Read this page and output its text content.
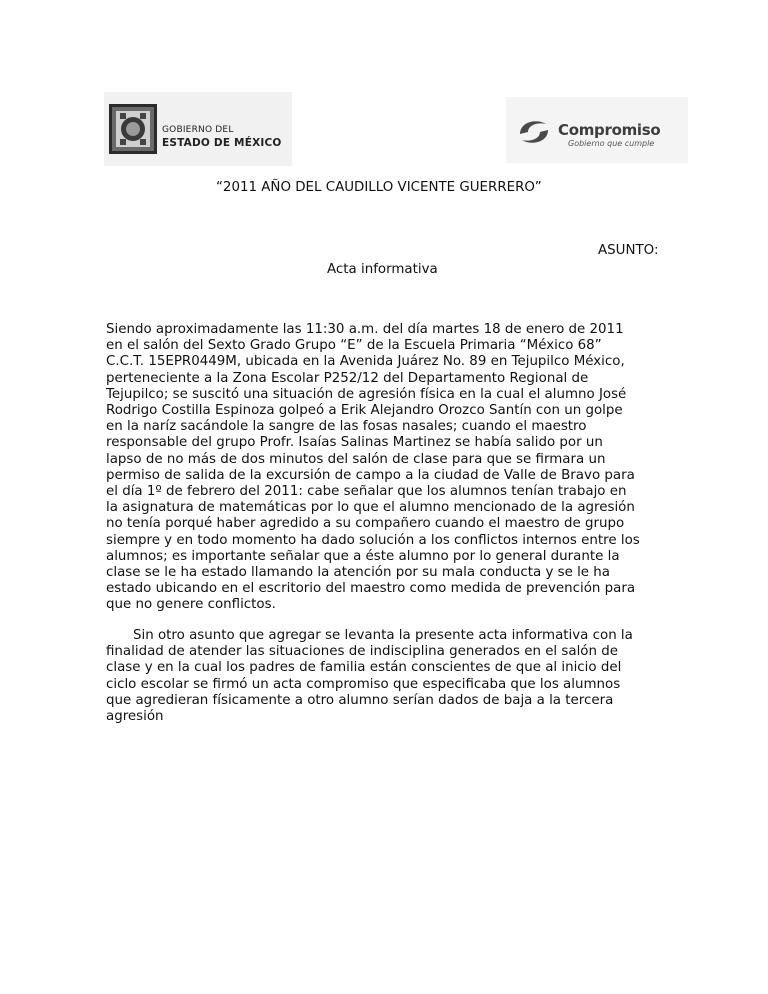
GOBIERNO DEL
ESTADO DE MÉXICO
Compromiso
Gobierno que cumple
“2011 AÑO DEL CAUDILLO VICENTE GUERRERO”
ASUNTO:
Acta informativa
Siendo aproximadamente las 11:30 a.m. del día martes 18 de enero de 2011
en el salón del Sexto Grado Grupo “E” de la Escuela Primaria “México 68”
C.C.T. 15EPR0449M, ubicada en la Avenida Juárez No. 89 en Tejupilco México,
perteneciente a la Zona Escolar P252/12 del Departamento Regional de
Tejupilco; se suscitó una situación de agresión física en la cual el alumno José
Rodrigo Costilla Espinoza golpeó a Erik Alejandro Orozco Santín con un golpe
en la naríz sacándole la sangre de las fosas nasales; cuando el maestro
responsable del grupo Profr. Isaías Salinas Martinez se había salido por un
lapso de no más de dos minutos del salón de clase para que se firmara un
permiso de salida de la excursión de campo a la ciudad de Valle de Bravo para
el día 1º de febrero del 2011: cabe señalar que los alumnos tenían trabajo en
la asignatura de matemáticas por lo que el alumno mencionado de la agresión
no tenía porqué haber agredido a su compañero cuando el maestro de grupo
siempre y en todo momento ha dado solución a los conflictos internos entre los
alumnos; es importante señalar que a éste alumno por lo general durante la
clase se le ha estado llamando la atención por su mala conducta y se le ha
estado ubicando en el escritorio del maestro como medida de prevención para
que no genere conflictos.
Sin otro asunto que agregar se levanta la presente acta informativa con la
finalidad de atender las situaciones de indisciplina generados en el salón de
clase y en la cual los padres de familia están conscientes de que al inicio del
ciclo escolar se firmó un acta compromiso que especificaba que los alumnos
que agredieran físicamente a otro alumno serían dados de baja a la tercera
agresión
